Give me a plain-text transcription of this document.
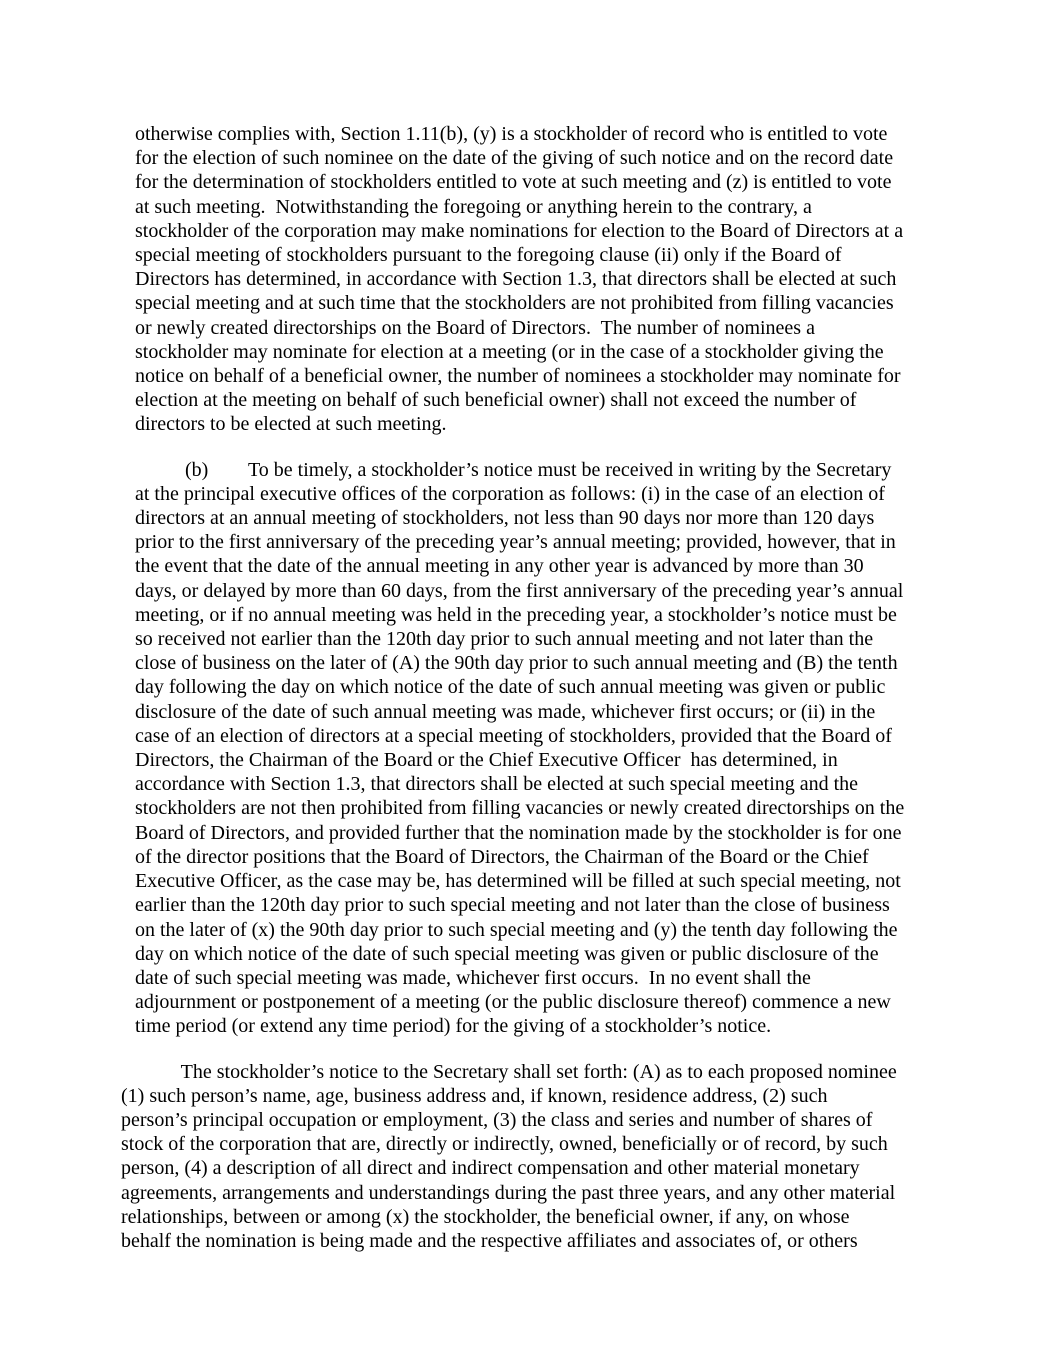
otherwise complies with, Section 1.11(b), (y) is a stockholder of record who is entitled to vote
for the election of such nominee on the date of the giving of such notice and on the record date
for the determination of stockholders entitled to vote at such meeting and (z) is entitled to vote
at such meeting.  Notwithstanding the foregoing or anything herein to the contrary, a
stockholder of the corporation may make nominations for election to the Board of Directors at a
special meeting of stockholders pursuant to the foregoing clause (ii) only if the Board of
Directors has determined, in accordance with Section 1.3, that directors shall be elected at such
special meeting and at such time that the stockholders are not prohibited from filling vacancies
or newly created directorships on the Board of Directors.  The number of nominees a
stockholder may nominate for election at a meeting (or in the case of a stockholder giving the
notice on behalf of a beneficial owner, the number of nominees a stockholder may nominate for
election at the meeting on behalf of such beneficial owner) shall not exceed the number of
directors to be elected at such meeting.
(b)        To be timely, a stockholder’s notice must be received in writing by the Secretary
at the principal executive offices of the corporation as follows: (i) in the case of an election of
directors at an annual meeting of stockholders, not less than 90 days nor more than 120 days
prior to the first anniversary of the preceding year’s annual meeting; provided, however, that in
the event that the date of the annual meeting in any other year is advanced by more than 30
days, or delayed by more than 60 days, from the first anniversary of the preceding year’s annual
meeting, or if no annual meeting was held in the preceding year, a stockholder’s notice must be
so received not earlier than the 120th day prior to such annual meeting and not later than the
close of business on the later of (A) the 90th day prior to such annual meeting and (B) the tenth
day following the day on which notice of the date of such annual meeting was given or public
disclosure of the date of such annual meeting was made, whichever first occurs; or (ii) in the
case of an election of directors at a special meeting of stockholders, provided that the Board of
Directors, the Chairman of the Board or the Chief Executive Officer  has determined, in
accordance with Section 1.3, that directors shall be elected at such special meeting and the
stockholders are not then prohibited from filling vacancies or newly created directorships on the
Board of Directors, and provided further that the nomination made by the stockholder is for one
of the director positions that the Board of Directors, the Chairman of the Board or the Chief
Executive Officer, as the case may be, has determined will be filled at such special meeting, not
earlier than the 120th day prior to such special meeting and not later than the close of business
on the later of (x) the 90th day prior to such special meeting and (y) the tenth day following the
day on which notice of the date of such special meeting was given or public disclosure of the
date of such special meeting was made, whichever first occurs.  In no event shall the
adjournment or postponement of a meeting (or the public disclosure thereof) commence a new
time period (or extend any time period) for the giving of a stockholder’s notice.
The stockholder’s notice to the Secretary shall set forth: (A) as to each proposed nominee
(1) such person’s name, age, business address and, if known, residence address, (2) such
person’s principal occupation or employment, (3) the class and series and number of shares of
stock of the corporation that are, directly or indirectly, owned, beneficially or of record, by such
person, (4) a description of all direct and indirect compensation and other material monetary
agreements, arrangements and understandings during the past three years, and any other material
relationships, between or among (x) the stockholder, the beneficial owner, if any, on whose
behalf the nomination is being made and the respective affiliates and associates of, or others
